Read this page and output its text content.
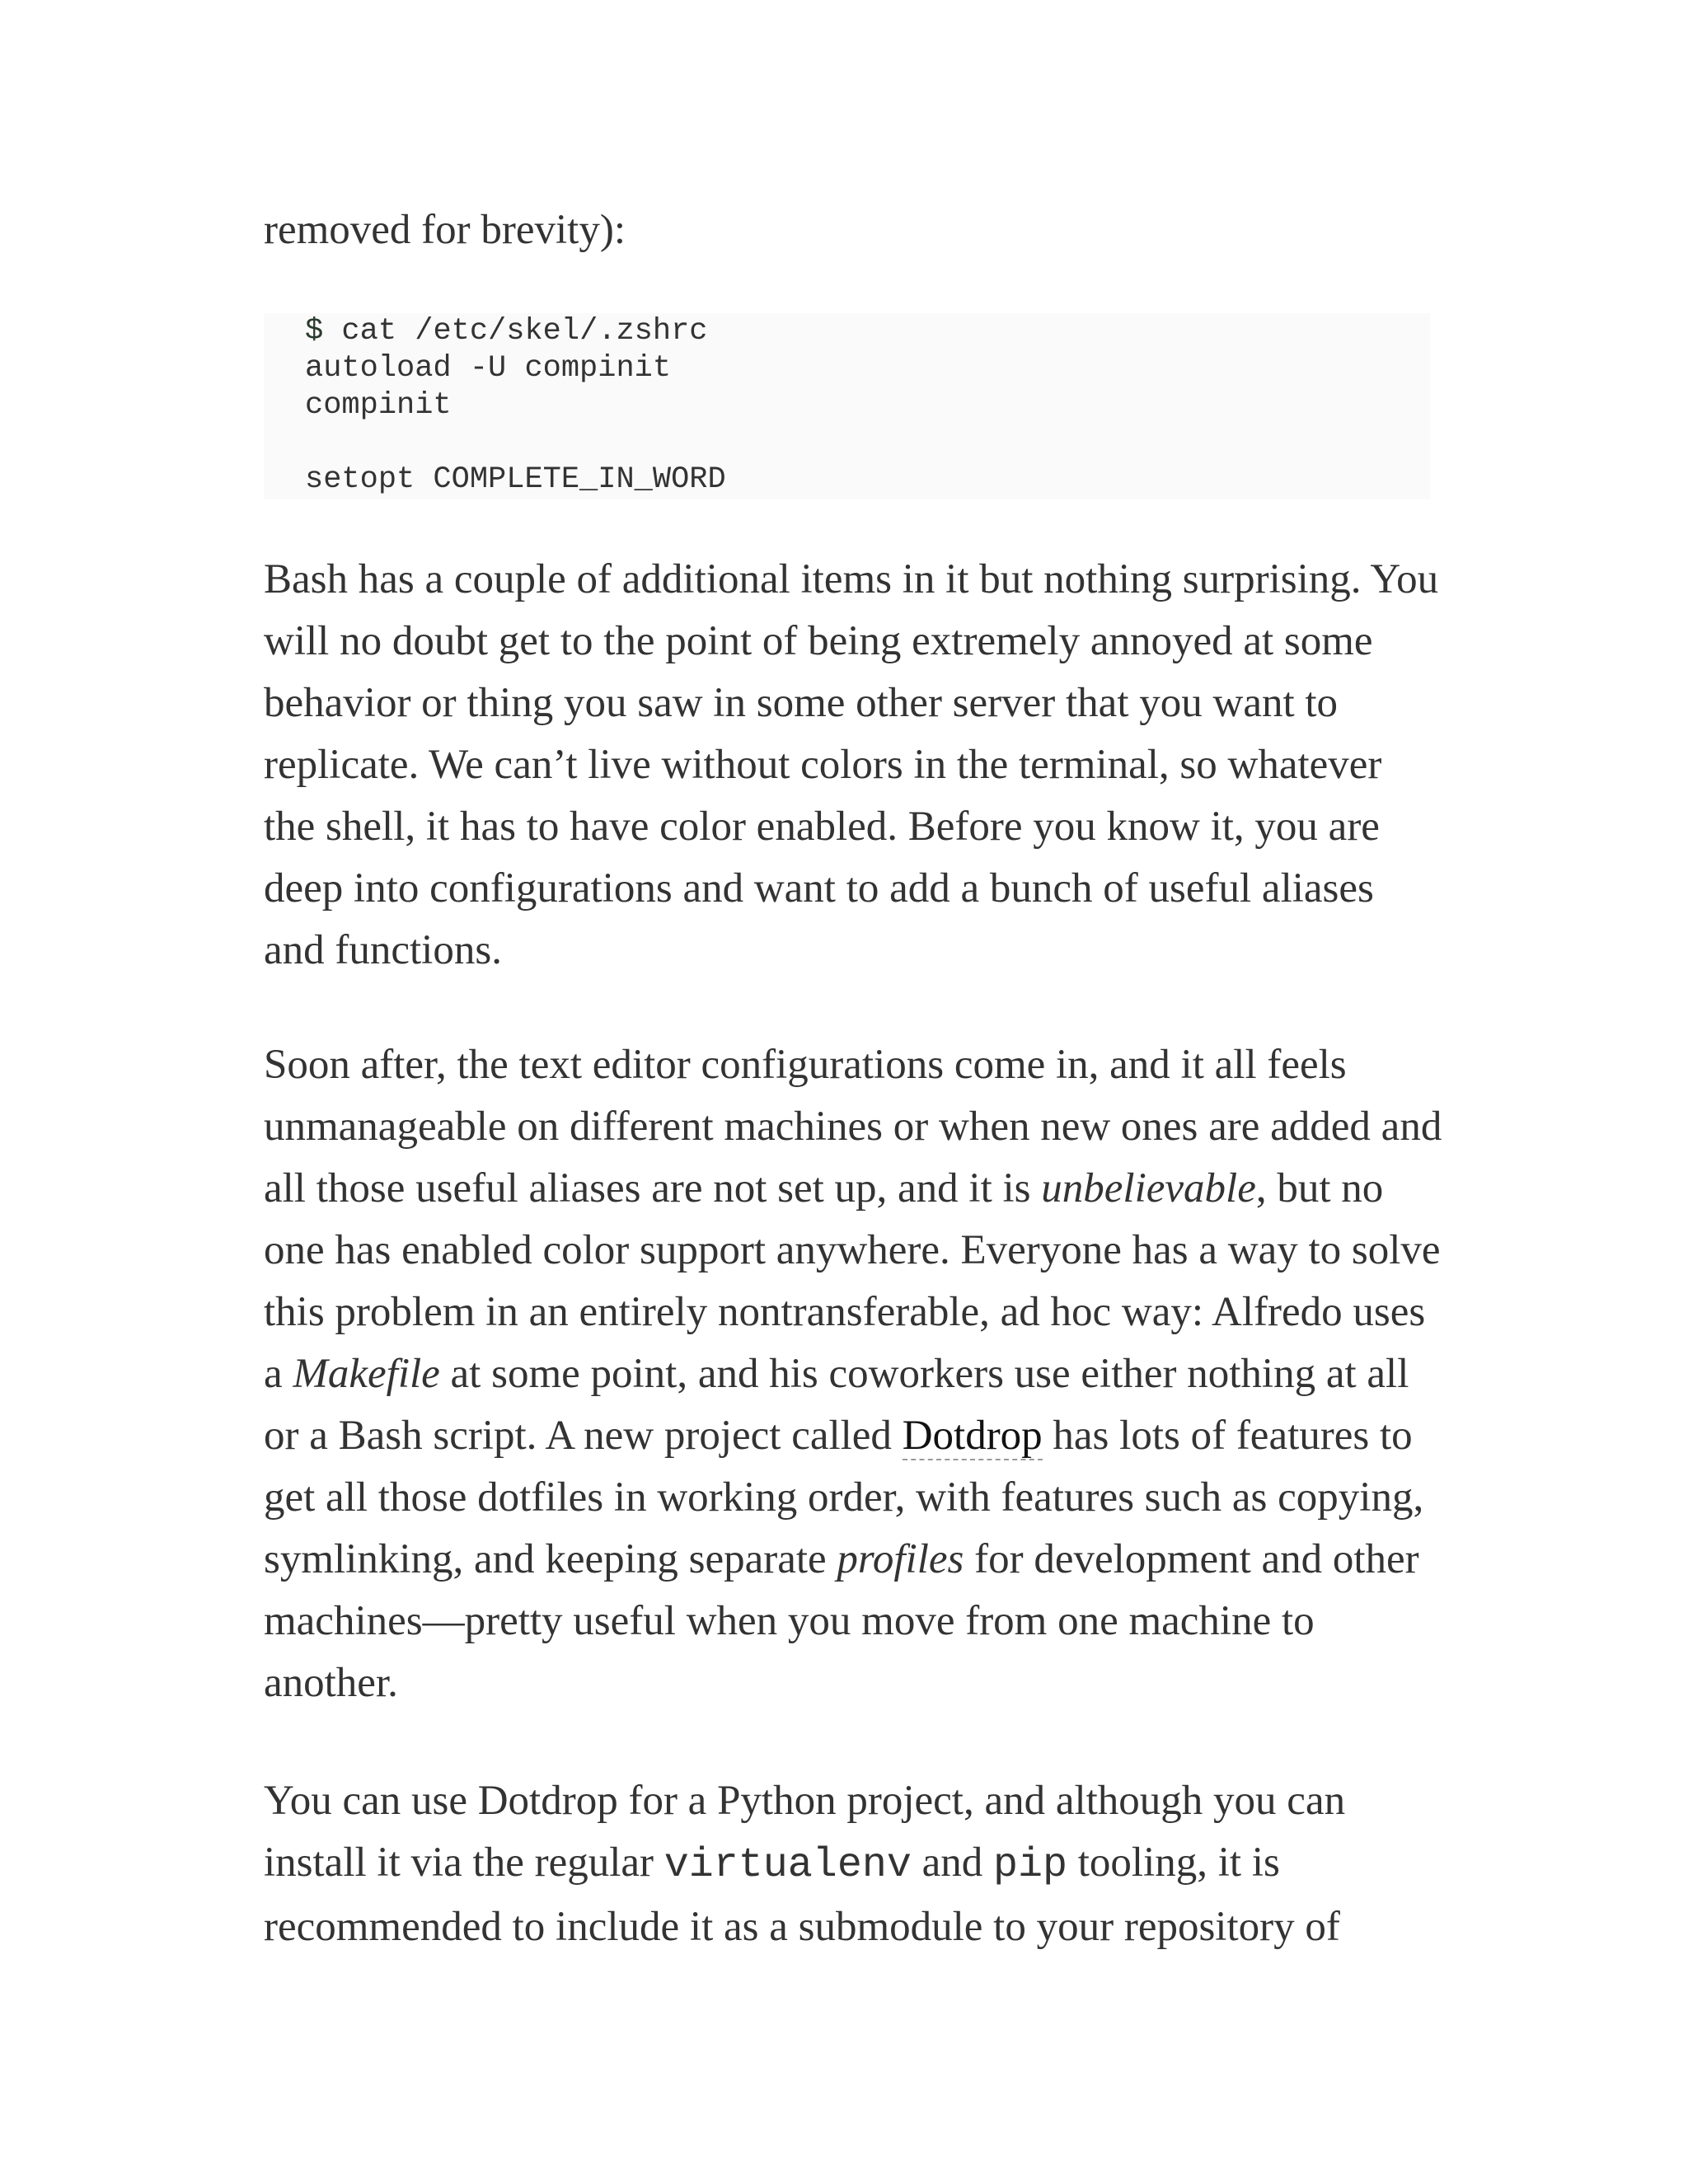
removed for brevity):

$ cat /etc/skel/.zshrc
autoload -U compinit
compinit
setopt COMPLETE_IN_WORD

Bash has a couple of additional items in it but nothing surprising. You
will no doubt get to the point of being extremely annoyed at some
behavior or thing you saw in some other server that you want to
replicate. We can’t live without colors in the terminal, so whatever
the shell, it has to have color enabled. Before you know it, you are
deep into configurations and want to add a bunch of useful aliases
and functions.

Soon after, the text editor configurations come in, and it all feels
unmanageable on different machines or when new ones are added and
all those useful aliases are not set up, and it is unbelievable, but no
one has enabled color support anywhere. Everyone has a way to solve
this problem in an entirely nontransferable, ad hoc way: Alfredo uses
a Makefile at some point, and his coworkers use either nothing at all
or a Bash script. A new project called Dotdrop has lots of features to
get all those dotfiles in working order, with features such as copying,
symlinking, and keeping separate profiles for development and other
machines—pretty useful when you move from one machine to
another.

You can use Dotdrop for a Python project, and although you can
install it via the regular virtualenv and pip tooling, it is
recommended to include it as a submodule to your repository of
